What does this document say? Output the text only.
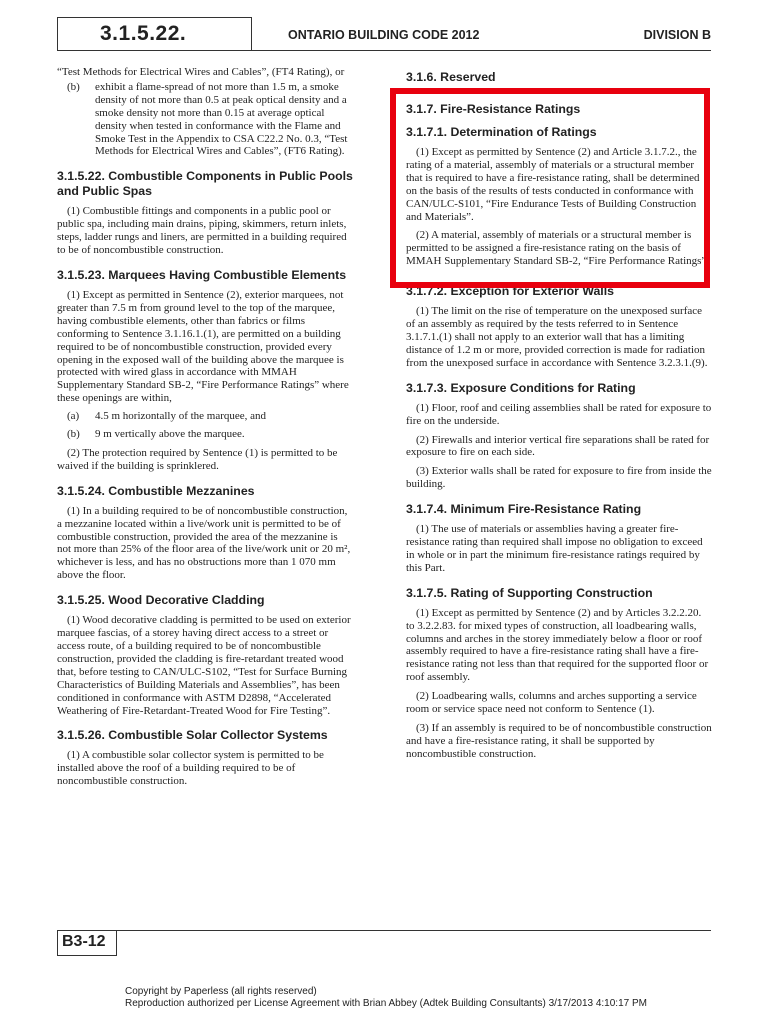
3.1.5.22.	ONTARIO BUILDING CODE 2012	DIVISION B

“Test Methods for Electrical Wires and Cables”, (FT4 Rating), or

(b)	exhibit a flame-spread of not more than 1.5 m, a smoke density of not more than 0.5 at peak optical density and a smoke density not more than 0.15 at average optical density when tested in conformance with the Flame and Smoke Test in the Appendix to CSA C22.2 No. 0.3, “Test Methods for Electrical Wires and Cables”, (FT6 Rating).
3.1.5.22. Combustible Components in Public Pools and Public Spas

(1) Combustible fittings and components in a public pool or public spa, including main drains, piping, skimmers, return inlets, steps, ladder rungs and liners, are permitted in a building required to be of noncombustible construction.

3.1.5.23. Marquees Having Combustible Elements

(1) Except as permitted in Sentence (2), exterior marquees, not greater than 7.5 m from ground level to the top of the marquee, having combustible elements, other than fabrics or films conforming to Sentence 3.1.16.1.(1), are permitted on a building required to be of noncombustible construction, provided every opening in the exposed wall of the building above the marquee is protected with wired glass in accordance with MMAH Supplementary Standard SB-2, “Fire Performance Ratings” where these openings are within,

(a)	4.5 m horizontally of the marquee, and
(b)	9 m vertically above the marquee.

(2) The protection required by Sentence (1) is permitted to be waived if the building is sprinklered.

3.1.5.24. Combustible Mezzanines

(1) In a building required to be of noncombustible construction, a mezzanine located within a live/work unit is permitted to be of combustible construction, provided the area of the mezzanine is not more than 25% of the floor area of the live/work unit or 20 m², whichever is less, and has no obstructions more than 1 070 mm above the floor.

3.1.5.25. Wood Decorative Cladding

(1) Wood decorative cladding is permitted to be used on exterior marquee fascias, of a storey having direct access to a street or access route, of a building required to be of noncombustible construction, provided the cladding is fire-retardant treated wood that, before testing to CAN/ULC-S102, “Test for Surface Burning Characteristics of Building Materials and Assemblies”, has been conditioned in conformance with ASTM D2898, “Accelerated Weathering of Fire-Retardant-Treated Wood for Fire Testing”.

3.1.5.26. Combustible Solar Collector Systems

(1) A combustible solar collector system is permitted to be installed above the roof of a building required to be of noncombustible construction.

3.1.6. Reserved
3.1.7. Fire-Resistance Ratings
3.1.7.1. Determination of Ratings

(1) Except as permitted by Sentence (2) and Article 3.1.7.2., the rating of a material, assembly of materials or a structural member that is required to have a fire-resistance rating, shall be determined on the basis of the results of tests conducted in conformance with CAN/ULC-S101, “Fire Endurance Tests of Building Construction and Materials”.

(2) A material, assembly of materials or a structural member is permitted to be assigned a fire-resistance rating on the basis of MMAH Supplementary Standard SB-2, “Fire Performance Ratings”.

3.1.7.2. Exception for Exterior Walls

(1) The limit on the rise of temperature on the unexposed surface of an assembly as required by the tests referred to in Sentence 3.1.7.1.(1) shall not apply to an exterior wall that has a limiting distance of 1.2 m or more, provided correction is made for radiation from the unexposed surface in accordance with Sentence 3.2.3.1.(9).

3.1.7.3. Exposure Conditions for Rating

(1) Floor, roof and ceiling assemblies shall be rated for exposure to fire on the underside.

(2) Firewalls and interior vertical fire separations shall be rated for exposure to fire on each side.

(3) Exterior walls shall be rated for exposure to fire from inside the building.

3.1.7.4. Minimum Fire-Resistance Rating

(1) The use of materials or assemblies having a greater fire-resistance rating than required shall impose no obligation to exceed in whole or in part the minimum fire-resistance ratings required by this Part.

3.1.7.5. Rating of Supporting Construction

(1) Except as permitted by Sentence (2) and by Articles 3.2.2.20. to 3.2.2.83. for mixed types of construction, all loadbearing walls, columns and arches in the storey immediately below a floor or roof assembly required to have a fire-resistance rating shall have a fire-resistance rating not less than that required for the supported floor or roof assembly.

(2) Loadbearing walls, columns and arches supporting a service room or service space need not conform to Sentence (1).

(3) If an assembly is required to be of noncombustible construction and have a fire-resistance rating, it shall be supported by noncombustible construction.

B3-12
Copyright by Paperless (all rights reserved)
Reproduction authorized per License Agreement with Brian Abbey (Adtek Building Consultants) 3/17/2013 4:10:17 PM
